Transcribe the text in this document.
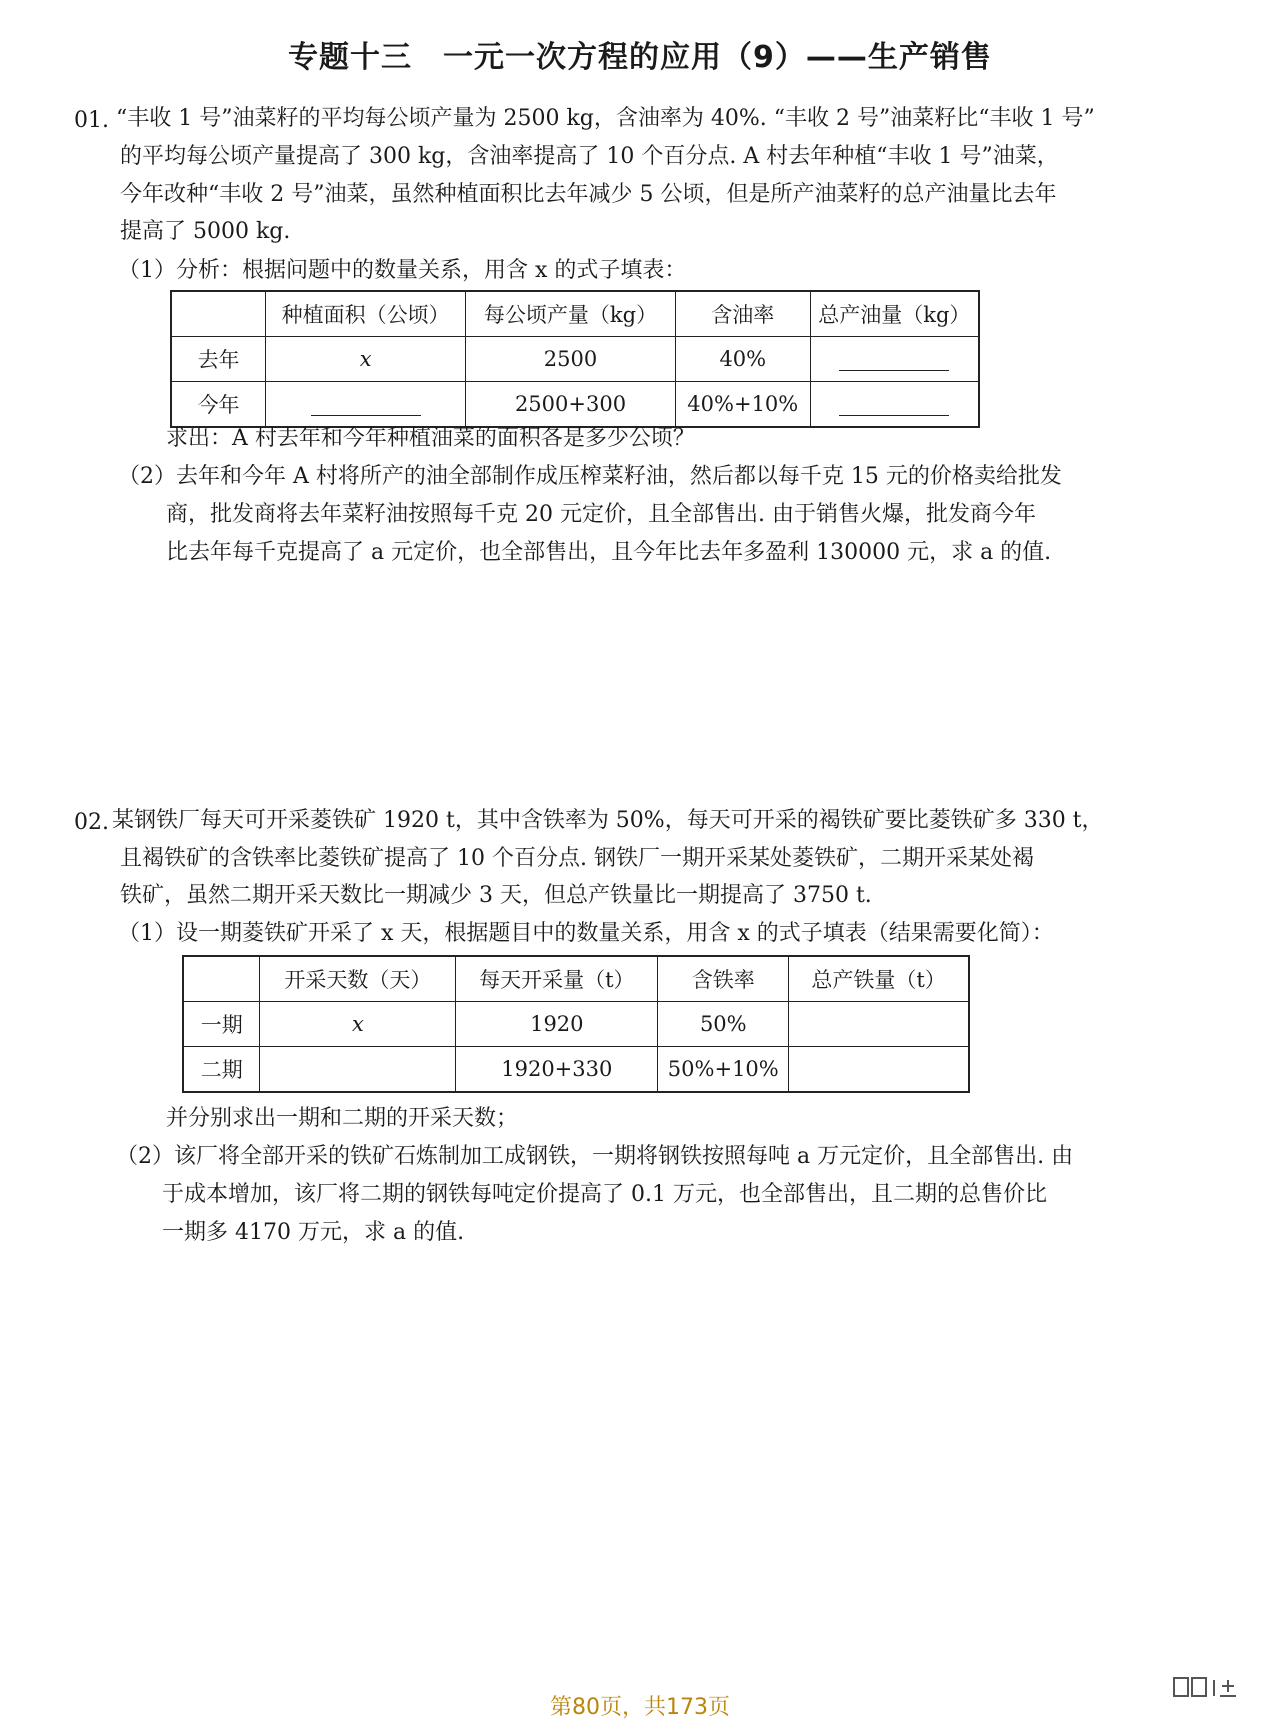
专题十三　一元一次方程的应用（9）——生产销售
01. “丰收 1 号”油菜籽的平均每公顷产量为 2500 kg，含油率为 40%. “丰收 2 号”油菜籽比“丰收 1 号”
的平均每公顷产量提高了 300 kg，含油率提高了 10 个百分点. A 村去年种植“丰收 1 号”油菜，
今年改种“丰收 2 号”油菜，虽然种植面积比去年减少 5 公顷，但是所产油菜籽的总产油量比去年
提高了 5000 kg.
（1）分析：根据问题中的数量关系，用含 x 的式子填表：
	种植面积（公顷）	每公顷产量（kg）	含油率	总产油量（kg）
去年	x	2500	40%	
今年		2500+300	40%+10%	
求出：A 村去年和今年种植油菜的面积各是多少公顷？
（2）去年和今年 A 村将所产的油全部制作成压榨菜籽油，然后都以每千克 15 元的价格卖给批发
商，批发商将去年菜籽油按照每千克 20 元定价，且全部售出. 由于销售火爆，批发商今年
比去年每千克提高了 a 元定价，也全部售出，且今年比去年多盈利 130000 元，求 a 的值.
02. 某钢铁厂每天可开采菱铁矿 1920 t，其中含铁率为 50%，每天可开采的褐铁矿要比菱铁矿多 330 t，
且褐铁矿的含铁率比菱铁矿提高了 10 个百分点. 钢铁厂一期开采某处菱铁矿，二期开采某处褐
铁矿，虽然二期开采天数比一期减少 3 天，但总产铁量比一期提高了 3750 t.
（1）设一期菱铁矿开采了 x 天，根据题目中的数量关系，用含 x 的式子填表（结果需要化简）：
	开采天数（天）	每天开采量（t）	含铁率	总产铁量（t）
一期	x	1920	50%	
二期		1920+330	50%+10%	
并分别求出一期和二期的开采天数；
（2）该厂将全部开采的铁矿石炼制加工成钢铁，一期将钢铁按照每吨 a 万元定价，且全部售出. 由
于成本增加，该厂将二期的钢铁每吨定价提高了 0.1 万元，也全部售出，且二期的总售价比
一期多 4170 万元，求 a 的值.
第80页，共173页
